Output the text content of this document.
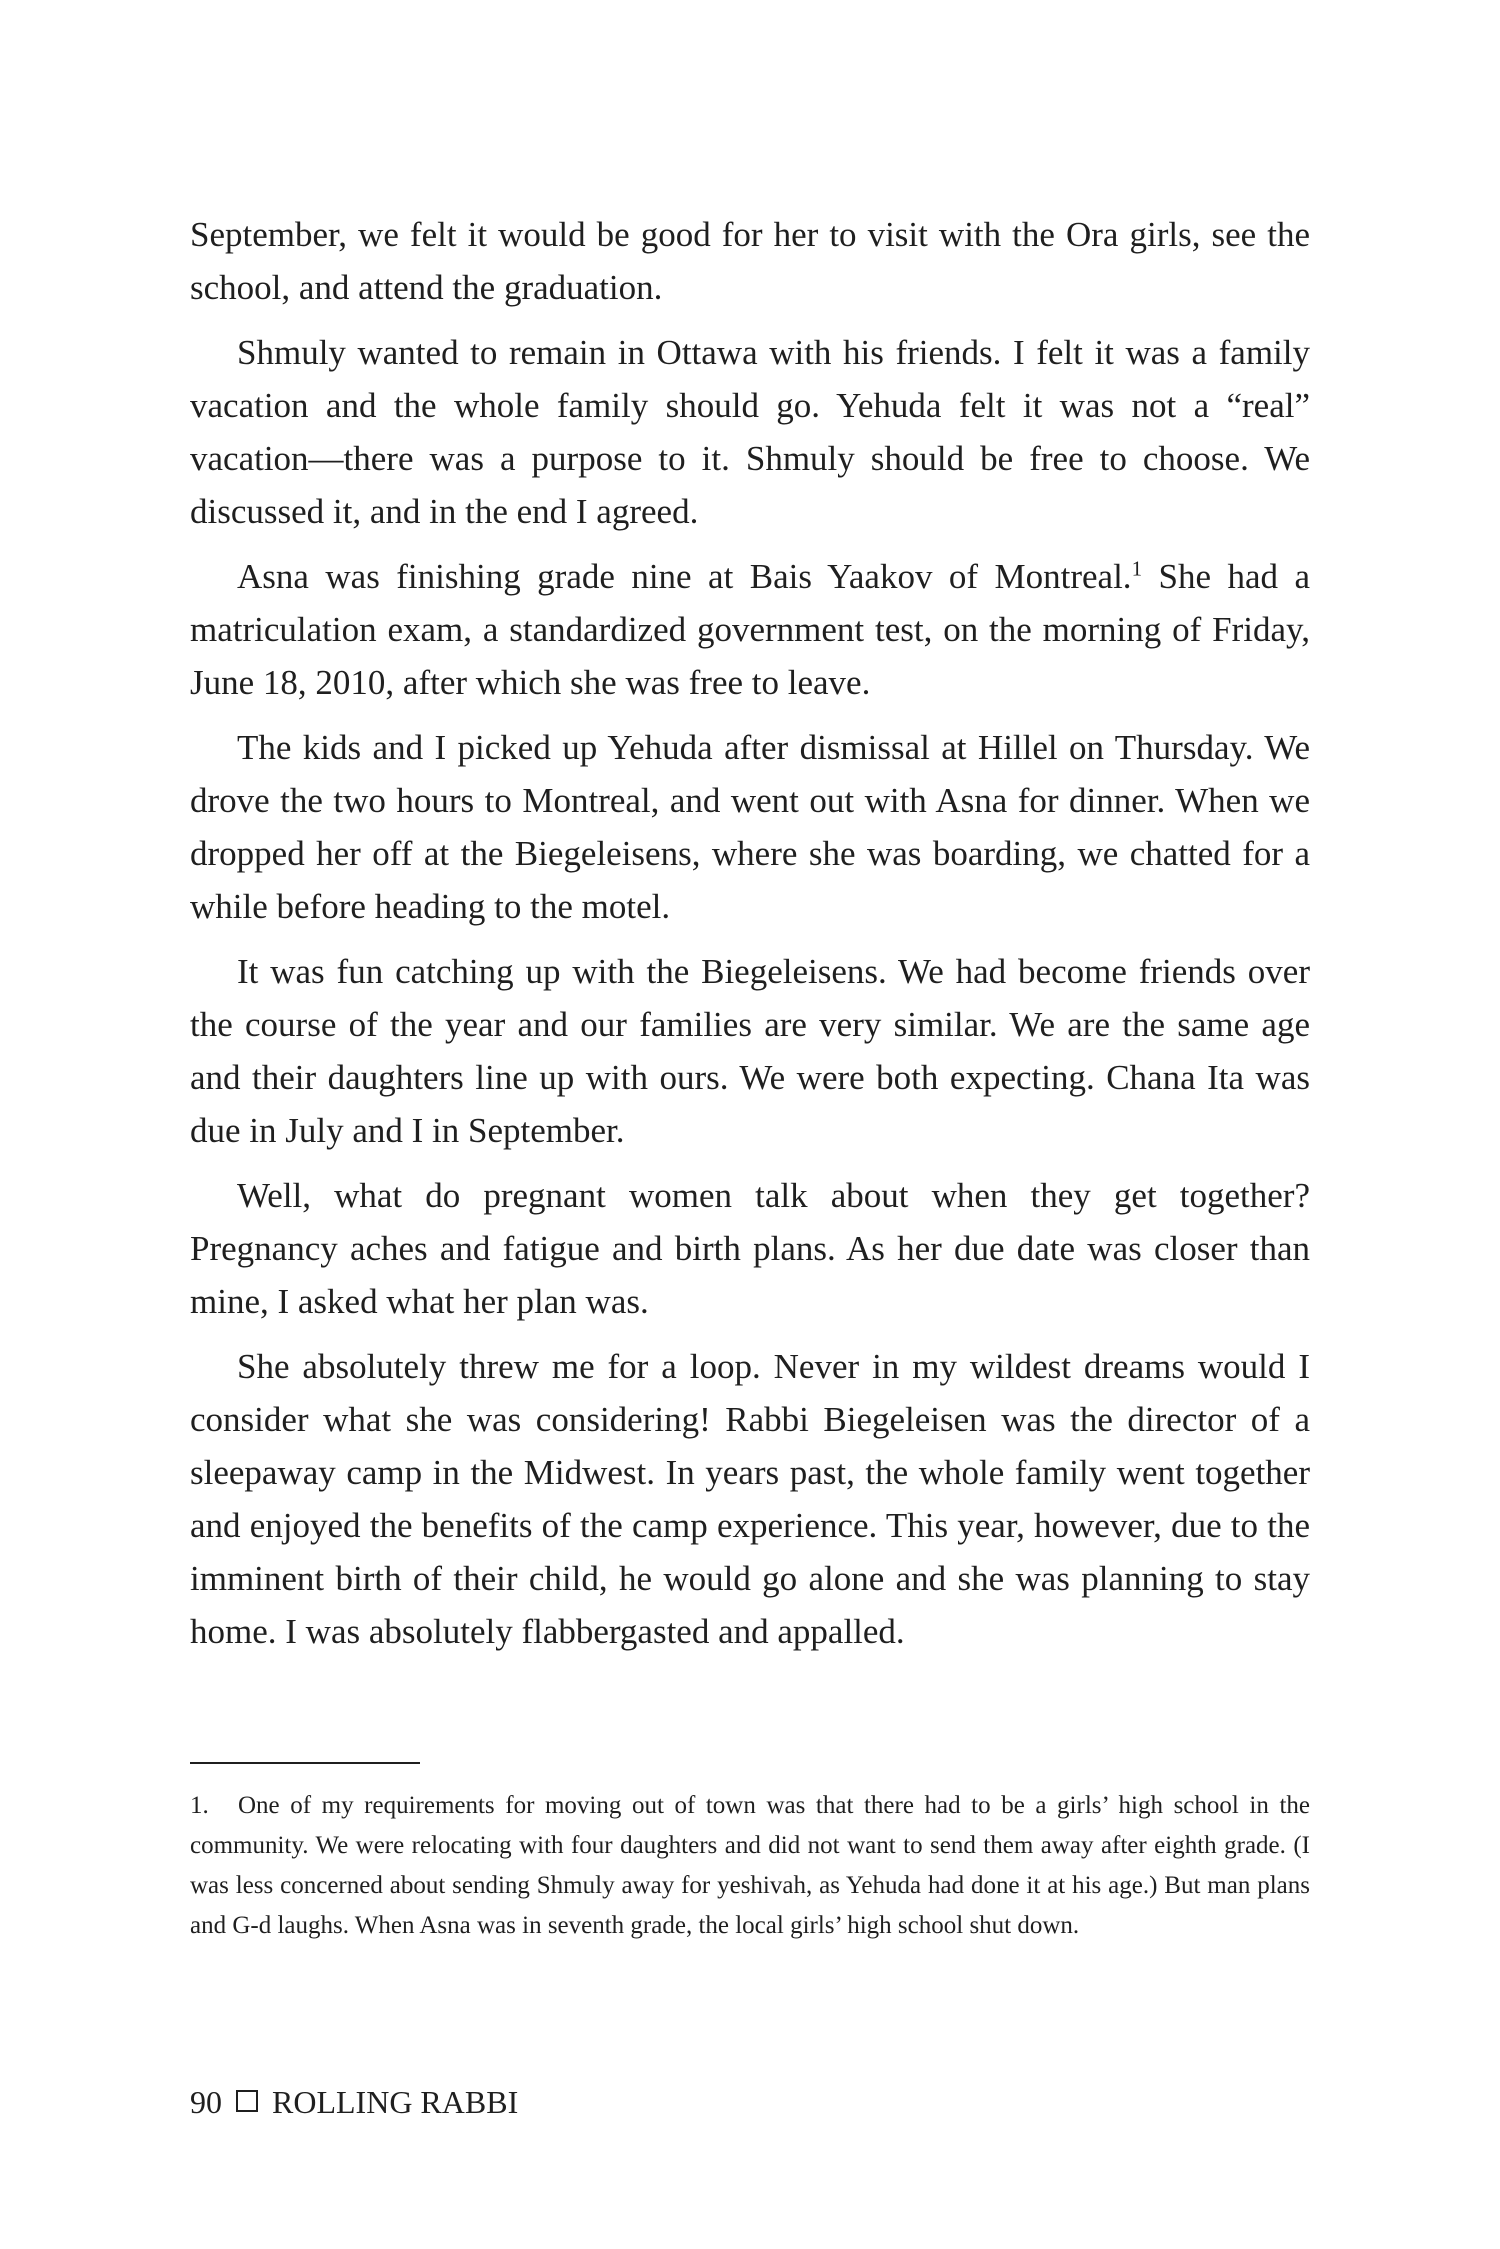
September, we felt it would be good for her to visit with the Ora girls, see the school, and attend the graduation.

Shmuly wanted to remain in Ottawa with his friends. I felt it was a family vacation and the whole family should go. Yehuda felt it was not a “real” vacation—there was a purpose to it. Shmuly should be free to choose. We discussed it, and in the end I agreed.

Asna was finishing grade nine at Bais Yaakov of Montreal.$^1$ She had a matriculation exam, a standardized government test, on the morning of Friday, June 18, 2010, after which she was free to leave.

The kids and I picked up Yehuda after dismissal at Hillel on Thursday. We drove the two hours to Montreal, and went out with Asna for dinner. When we dropped her off at the Biegeleisens, where she was boarding, we chatted for a while before heading to the motel.

It was fun catching up with the Biegeleisens. We had become friends over the course of the year and our families are very similar. We are the same age and their daughters line up with ours. We were both expecting. Chana Ita was due in July and I in September.

Well, what do pregnant women talk about when they get together? Pregnancy aches and fatigue and birth plans. As her due date was closer than mine, I asked what her plan was.

She absolutely threw me for a loop. Never in my wildest dreams would I consider what she was considering! Rabbi Biegeleisen was the director of a sleepaway camp in the Midwest. In years past, the whole family went together and enjoyed the benefits of the camp experience. This year, however, due to the imminent birth of their child, he would go alone and she was planning to stay home. I was absolutely flabbergasted and appalled.

1. One of my requirements for moving out of town was that there had to be a girls’ high school in the community. We were relocating with four daughters and did not want to send them away after eighth grade. (I was less concerned about sending Shmuly away for yeshivah, as Yehuda had done it at his age.) But man plans and G-d laughs. When Asna was in seventh grade, the local girls’ high school shut down.

90 ROLLING RABBI
